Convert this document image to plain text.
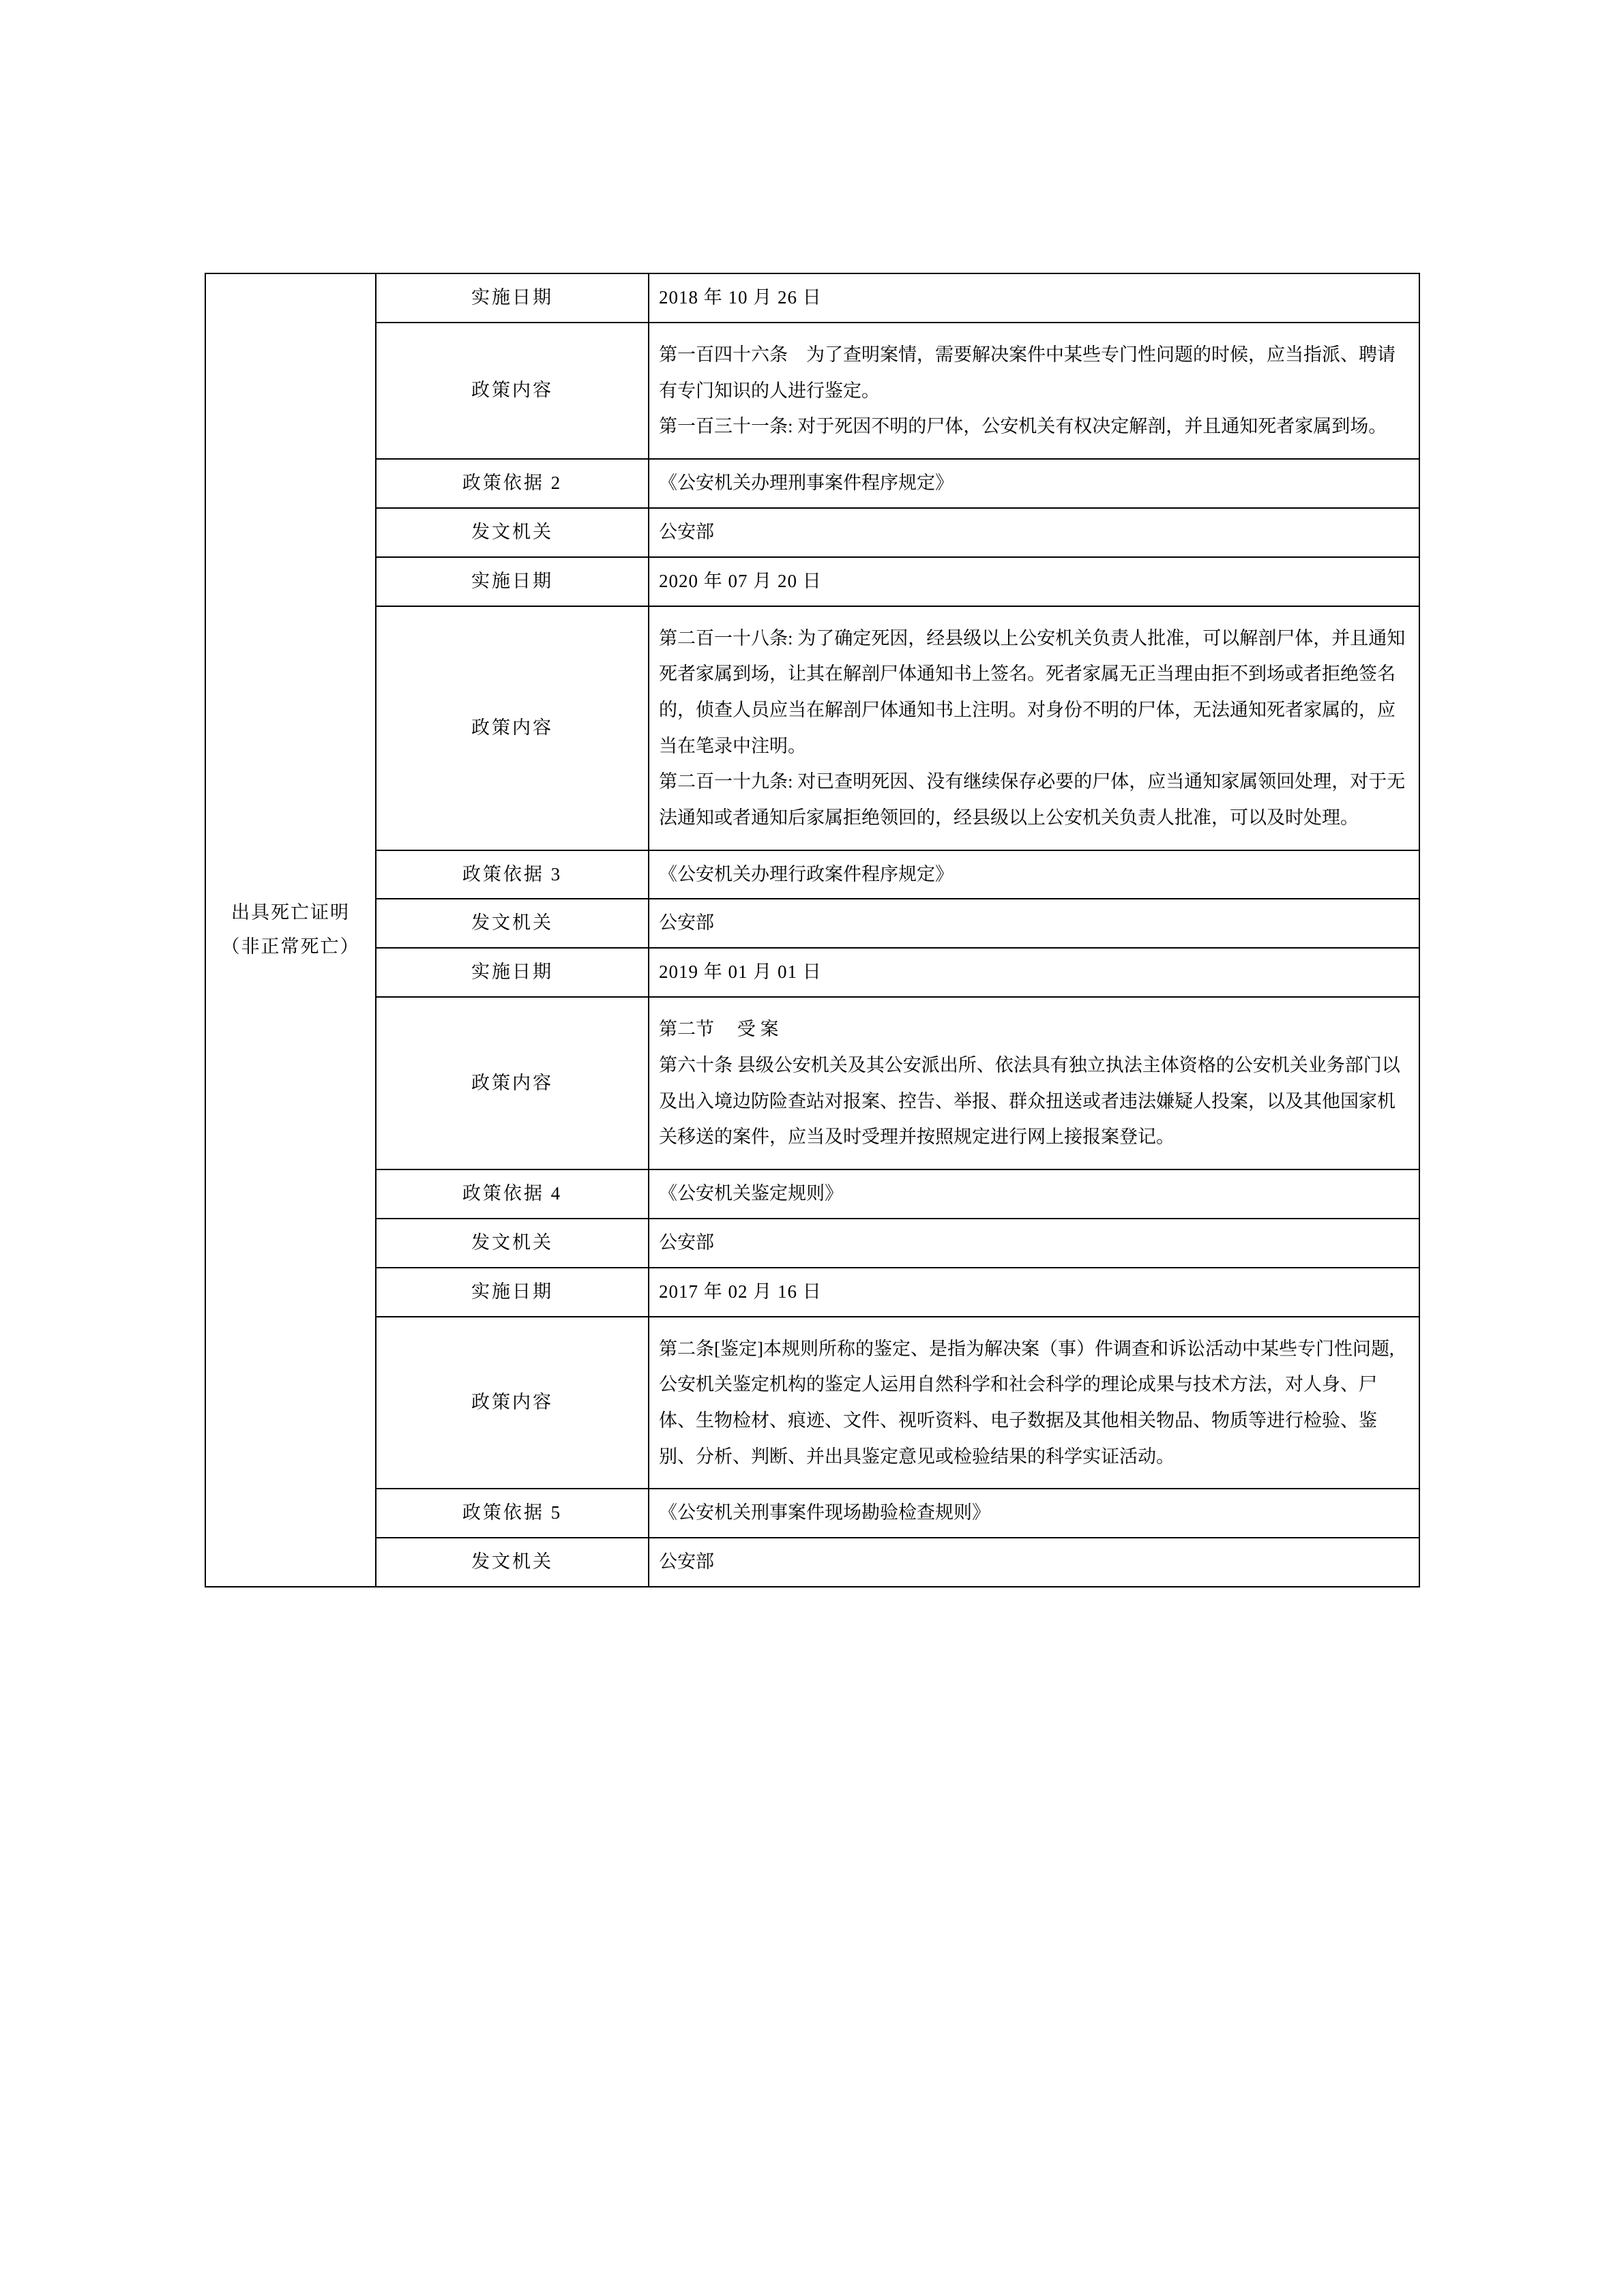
出具死亡证明（非正常死亡）	实施日期	2018 年 10 月 26 日

	政策内容	第一百四十六条　为了查明案情，需要解决案件中某些专门性问题的时候，应当指派、聘请有专门知识的人进行鉴定。
第一百三十一条: 对于死因不明的尸体，公安机关有权决定解剖，并且通知死者家属到场。

	政策依据 2	《公安机关办理刑事案件程序规定》

	发文机关	公安部

	实施日期	2020 年 07 月 20 日

	政策内容	第二百一十八条: 为了确定死因，经县级以上公安机关负责人批准，可以解剖尸体，并且通知死者家属到场，让其在解剖尸体通知书上签名。死者家属无正当理由拒不到场或者拒绝签名的，侦查人员应当在解剖尸体通知书上注明。对身份不明的尸体，无法通知死者家属的，应当在笔录中注明。
第二百一十九条: 对已查明死因、没有继续保存必要的尸体，应当通知家属领回处理，对于无法通知或者通知后家属拒绝领回的，经县级以上公安机关负责人批准，可以及时处理。

	政策依据 3	《公安机关办理行政案件程序规定》

	发文机关	公安部

	实施日期	2019 年 01 月 01 日

	政策内容	第二节　 受 案
第六十条 县级公安机关及其公安派出所、依法具有独立执法主体资格的公安机关业务部门以及出入境边防险查站对报案、控告、举报、群众扭送或者违法嫌疑人投案，以及其他国家机关移送的案件，应当及时受理并按照规定进行网上接报案登记。

	政策依据 4	《公安机关鉴定规则》

	发文机关	公安部

	实施日期	2017 年 02 月 16 日

	政策内容	第二条[鉴定]本规则所称的鉴定、是指为解决案（事）件调查和诉讼活动中某些专门性问题,公安机关鉴定机构的鉴定人运用自然科学和社会科学的理论成果与技术方法，对人身、尸体、生物检材、痕迹、文件、视听资料、电子数据及其他相关物品、物质等进行检验、鉴别、分析、判断、并出具鉴定意见或检验结果的科学实证活动。

	政策依据 5	《公安机关刑事案件现场勘验检查规则》

	发文机关	公安部
